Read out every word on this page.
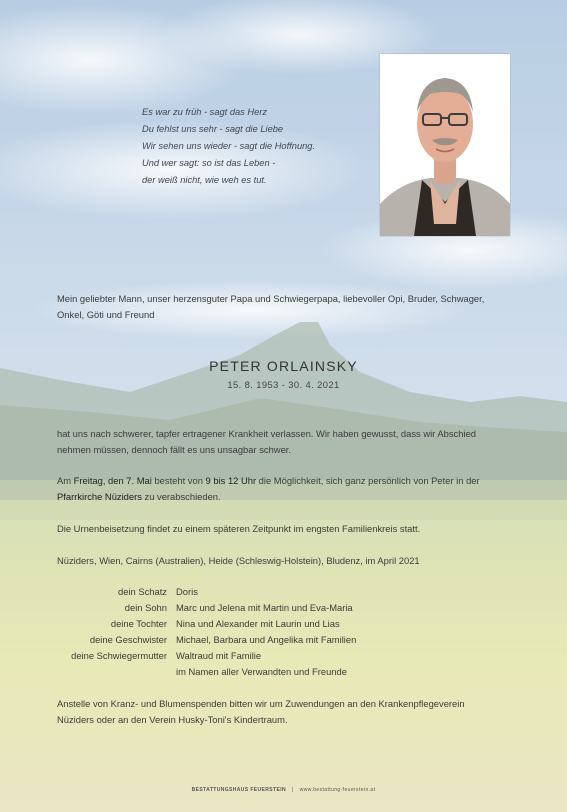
Es war zu früh - sagt das Herz
Du fehlst uns sehr - sagt die Liebe
Wir sehen uns wieder - sagt die Hoffnung.
Und wer sagt: so ist das Leben -
der weiß nicht, wie weh es tut.
Mein geliebter Mann, unser herzensguter Papa und Schwiegerpapa, liebevoller Opi, Bruder, Schwager, Onkel, Göti und Freund
PETER ORLAINSKY
15. 8. 1953 - 30. 4. 2021
hat uns nach schwerer, tapfer ertragener Krankheit verlassen. Wir haben gewusst, dass wir Abschied nehmen müssen, dennoch fällt es uns unsagbar schwer.
Am Freitag, den 7. Mai besteht von 9 bis 12 Uhr die Möglichkeit, sich ganz persönlich von Peter in der Pfarrkirche Nüziders zu verabschieden.
Die Urnenbeisetzung findet zu einem späteren Zeitpunkt im engsten Familienkreis statt.
Nüziders, Wien, Cairns (Australien), Heide (Schleswig-Holstein), Bludenz, im April 2021
dein Schatz Doris
dein Sohn Marc und Jelena mit Martin und Eva-Maria
deine Tochter Nina und Alexander mit Laurin und Lias
deine Geschwister Michael, Barbara und Angelika mit Familien
deine Schwiegermutter Waltraud mit Familie
im Namen aller Verwandten und Freunde
Anstelle von Kranz- und Blumenspenden bitten wir um Zuwendungen an den Krankenpflegeverein Nüziders oder an den Verein Husky-Toni's Kindertraum.
BESTATTUNGSHAUS FEUERSTEIN | www.bestattung-feuerstein.at
